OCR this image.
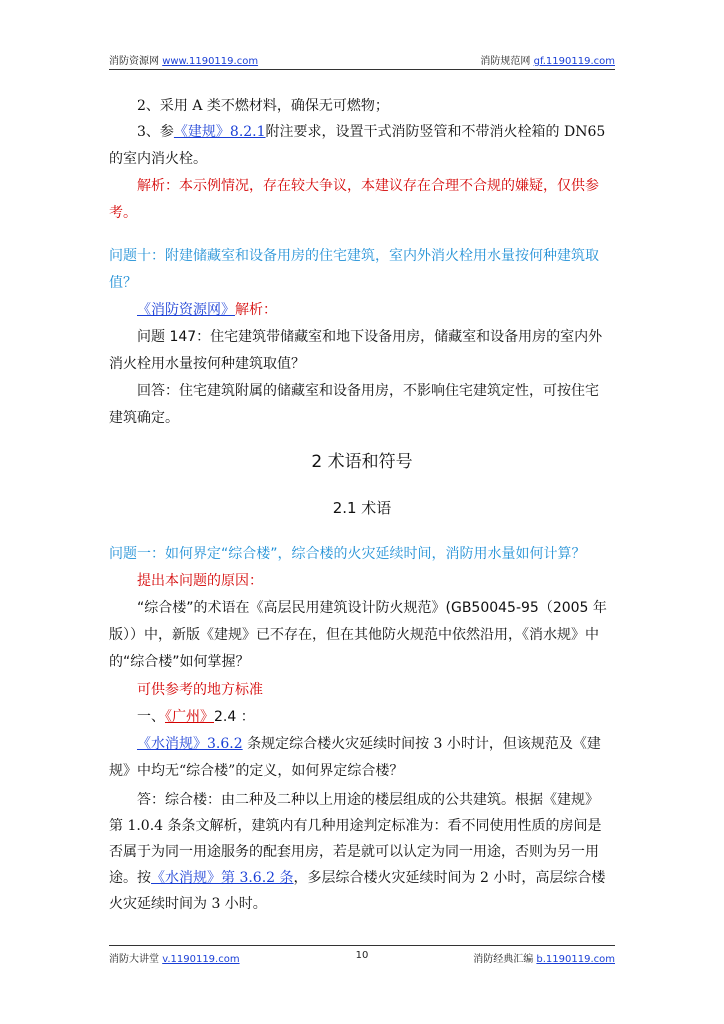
消防资源网 www.1190119.com	消防规范网 gf.1190119.com
2、采用 A 类不燃材料，确保无可燃物；
3、参《建规》8.2.1附注要求，设置干式消防竖管和不带消火栓箱的 DN65
的室内消火栓。
解析：本示例情况，存在较大争议，本建议存在合理不合规的嫌疑，仅供参
考。
问题十：附建储藏室和设备用房的住宅建筑，室内外消火栓用水量按何种建筑取
值？
《消防资源网》解析：
问题 147：住宅建筑带储藏室和地下设备用房，储藏室和设备用房的室内外
消火栓用水量按何种建筑取值？
回答：住宅建筑附属的储藏室和设备用房，不影响住宅建筑定性，可按住宅
建筑确定。
2 术语和符号
2.1 术语
问题一：如何界定“综合楼”，综合楼的火灾延续时间，消防用水量如何计算？
提出本问题的原因：
“综合楼”的术语在《高层民用建筑设计防火规范》(GB50045-95（2005 年
版））中，新版《建规》已不存在，但在其他防火规范中依然沿用，《消水规》中
的“综合楼”如何掌握？
可供参考的地方标准
一、《广州》2.4 ：
《水消规》3.6.2 条规定综合楼火灾延续时间按 3 小时计，但该规范及《建
规》中均无“综合楼”的定义，如何界定综合楼？
答：综合楼：由二种及二种以上用途的楼层组成的公共建筑。根据《建规》
第 1.0.4 条条文解析，建筑内有几种用途判定标准为：看不同使用性质的房间是
否属于为同一用途服务的配套用房，若是就可以认定为同一用途，否则为另一用
途。按《水消规》第 3.6.2 条，多层综合楼火灾延续时间为 2 小时，高层综合楼
火灾延续时间为 3 小时。
消防大讲堂 v.1190119.com	10	消防经典汇编 b.1190119.com
